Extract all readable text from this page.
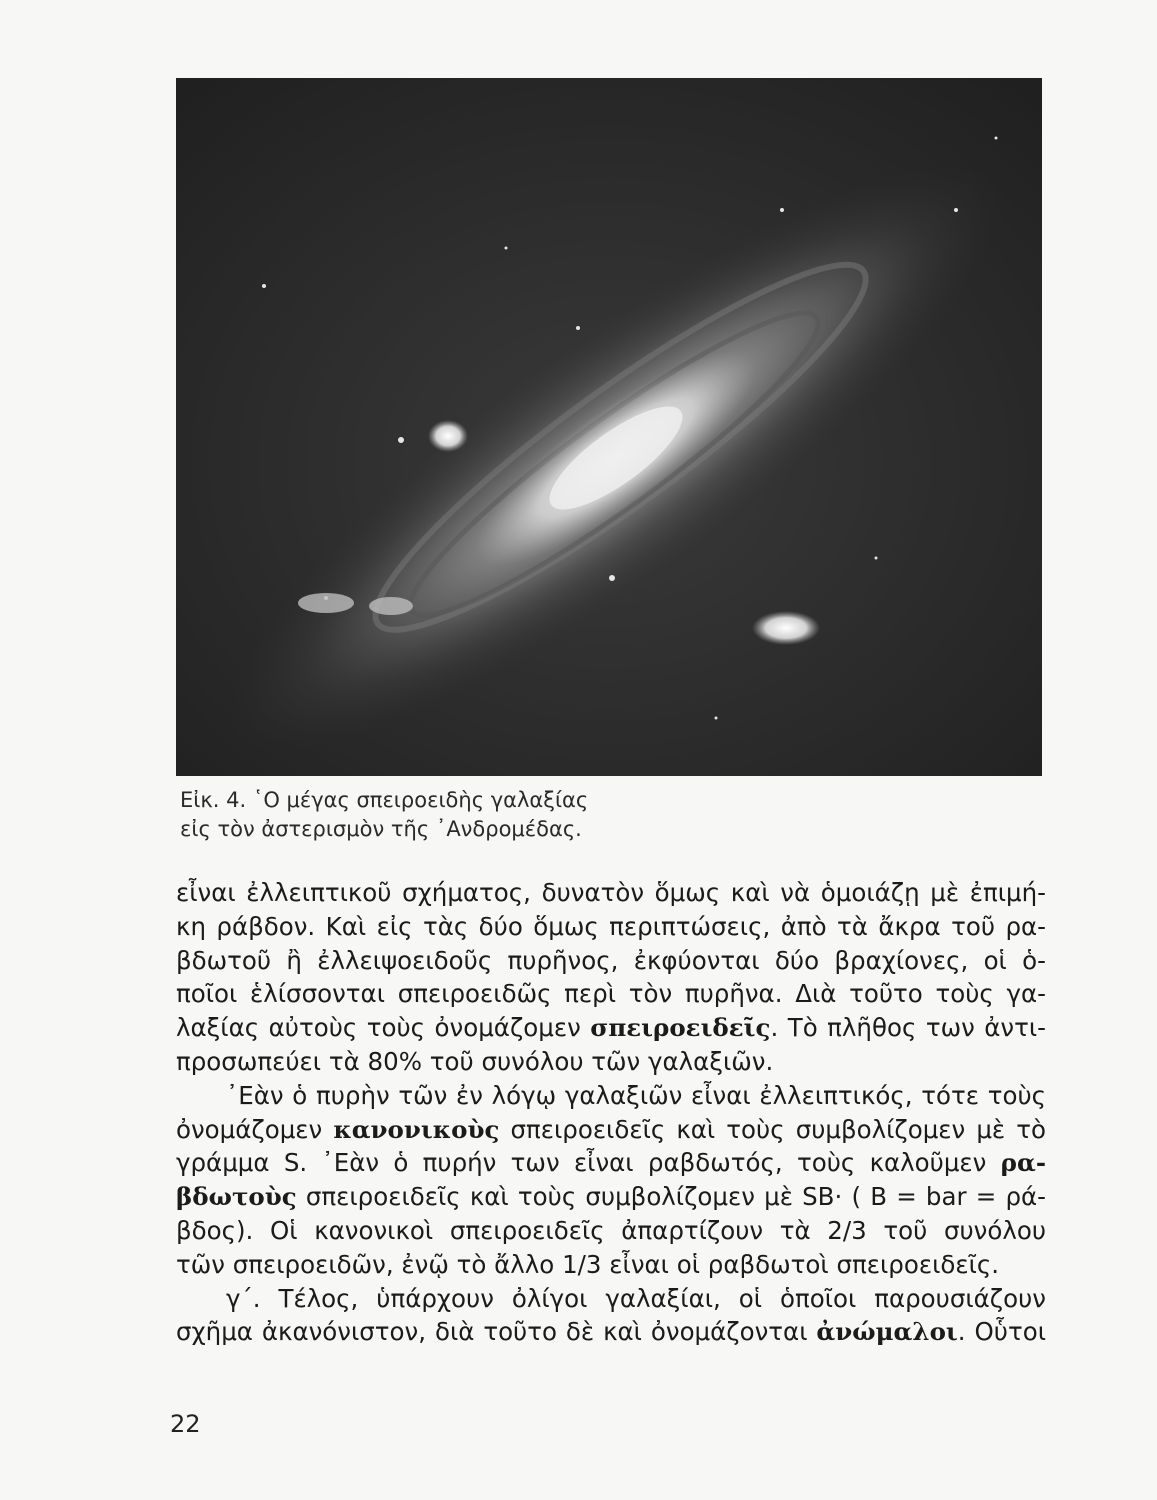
Εἰκ. 4. ῾Ο μέγας σπειροειδὴς γαλαξίας
εἰς τὸν ἀστερισμὸν τῆς ᾿Ανδρομέδας.
εἶναι ἐλλειπτικοῦ σχήματος, δυνατὸν ὅμως καὶ νὰ ὁμοιάζῃ μὲ ἐπιμή-
κη ράβδον. Καὶ εἰς τὰς δύο ὅμως περιπτώσεις, ἀπὸ τὰ ἄκρα τοῦ ρα-
βδωτοῦ ἢ ἐλλειψοειδοῦς πυρῆνος, ἐκφύονται δύο βραχίονες, οἱ ὁ-
ποῖοι ἑλίσσονται σπειροειδῶς περὶ τὸν πυρῆνα. Διὰ τοῦτο τοὺς γα-
λαξίας αὐτοὺς τοὺς ὀνομάζομεν σπειροειδεῖς. Τὸ πλῆθος των ἀντι-
προσωπεύει τὰ 80% τοῦ συνόλου τῶν γαλαξιῶν.
᾿Εὰν ὁ πυρὴν τῶν ἐν λόγῳ γαλαξιῶν εἶναι ἐλλειπτικός, τότε τοὺς
ὀνομάζομεν κανονικοὺς σπειροειδεῖς καὶ τοὺς συμβολίζομεν μὲ τὸ
γράμμα S. ᾿Εὰν ὁ πυρήν των εἶναι ραβδωτός, τοὺς καλοῦμεν ρα-
βδωτοὺς σπειροειδεῖς καὶ τοὺς συμβολίζομεν μὲ SB· ( B = bar = ρά-
βδος). Οἱ κανονικοὶ σπειροειδεῖς ἀπαρτίζουν τὰ 2/3 τοῦ συνόλου
τῶν σπειροειδῶν, ἐνῷ τὸ ἄλλο 1/3 εἶναι οἱ ραβδωτοὶ σπειροειδεῖς.
γ΄. Τέλος, ὑπάρχουν ὀλίγοι γαλαξίαι, οἱ ὁποῖοι παρουσιάζουν
σχῆμα ἀκανόνιστον, διὰ τοῦτο δὲ καὶ ὀνομάζονται ἀνώμαλοι. Οὗτοι
22
